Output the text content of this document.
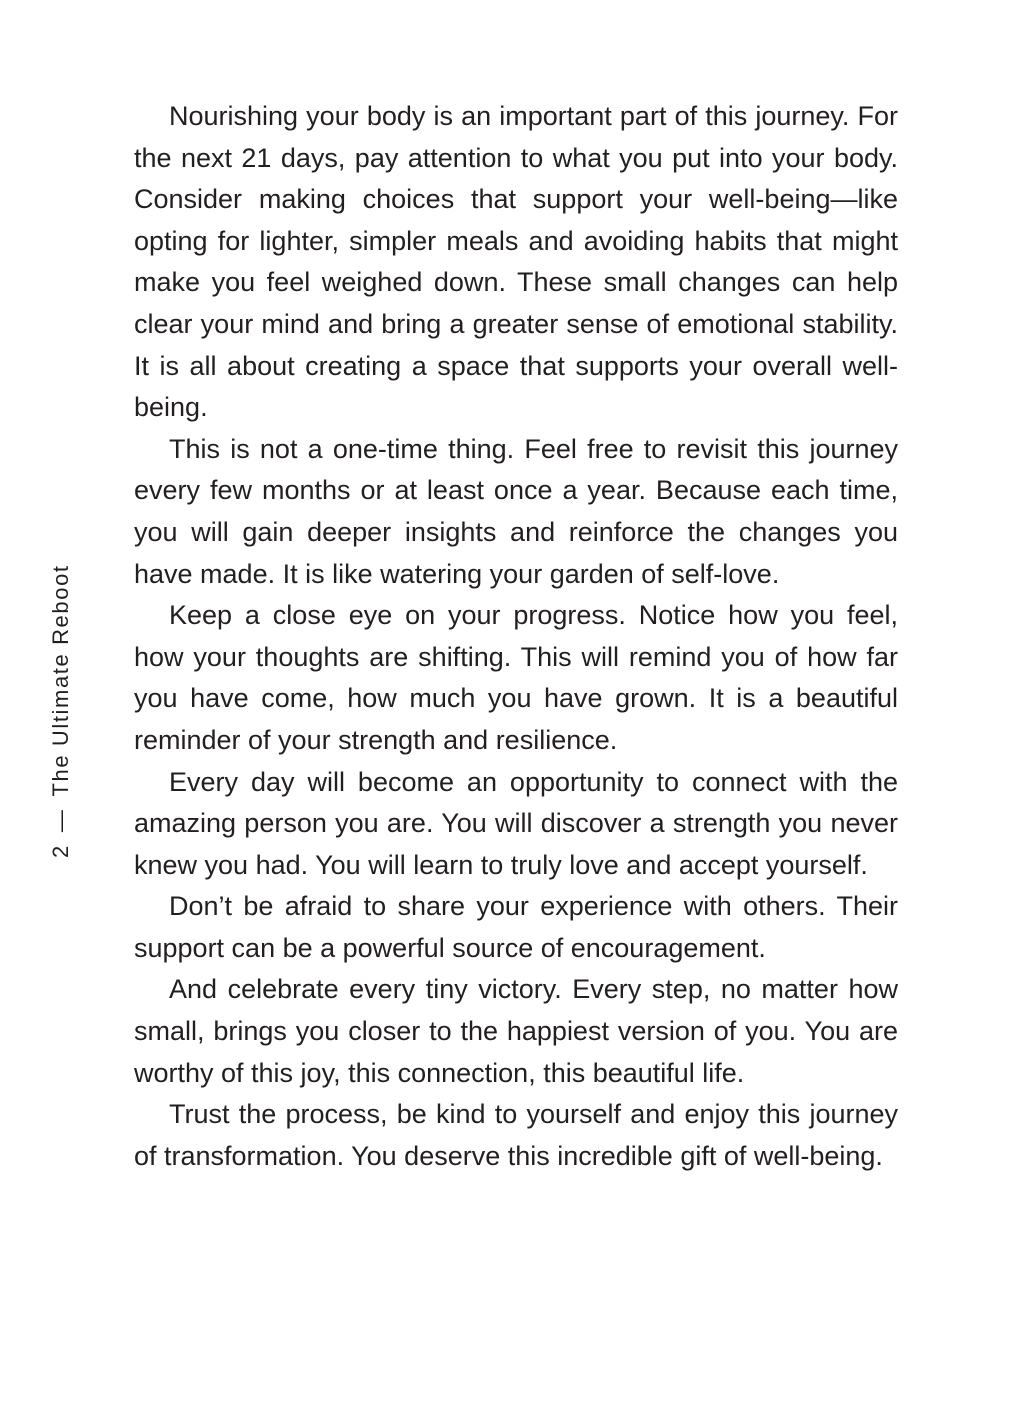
2—The Ultimate Reboot

Nourishing your body is an important part of this journey. For the next 21 days, pay attention to what you put into your body. Consider making choices that support your well-being—like opting for lighter, simpler meals and avoiding habits that might make you feel weighed down. These small changes can help clear your mind and bring a greater sense of emotional stability. It is all about creating a space that supports your overall well-being.

This is not a one-time thing. Feel free to revisit this journey every few months or at least once a year. Because each time, you will gain deeper insights and reinforce the changes you have made. It is like watering your garden of self-love.

Keep a close eye on your progress. Notice how you feel, how your thoughts are shifting. This will remind you of how far you have come, how much you have grown. It is a beautiful reminder of your strength and resilience.

Every day will become an opportunity to connect with the amazing person you are. You will discover a strength you never knew you had. You will learn to truly love and accept yourself.

Don’t be afraid to share your experience with others. Their support can be a powerful source of encouragement.

And celebrate every tiny victory. Every step, no matter how small, brings you closer to the happiest version of you. You are worthy of this joy, this connection, this beautiful life.

Trust the process, be kind to yourself and enjoy this journey of transformation. You deserve this incredible gift of well-being.
